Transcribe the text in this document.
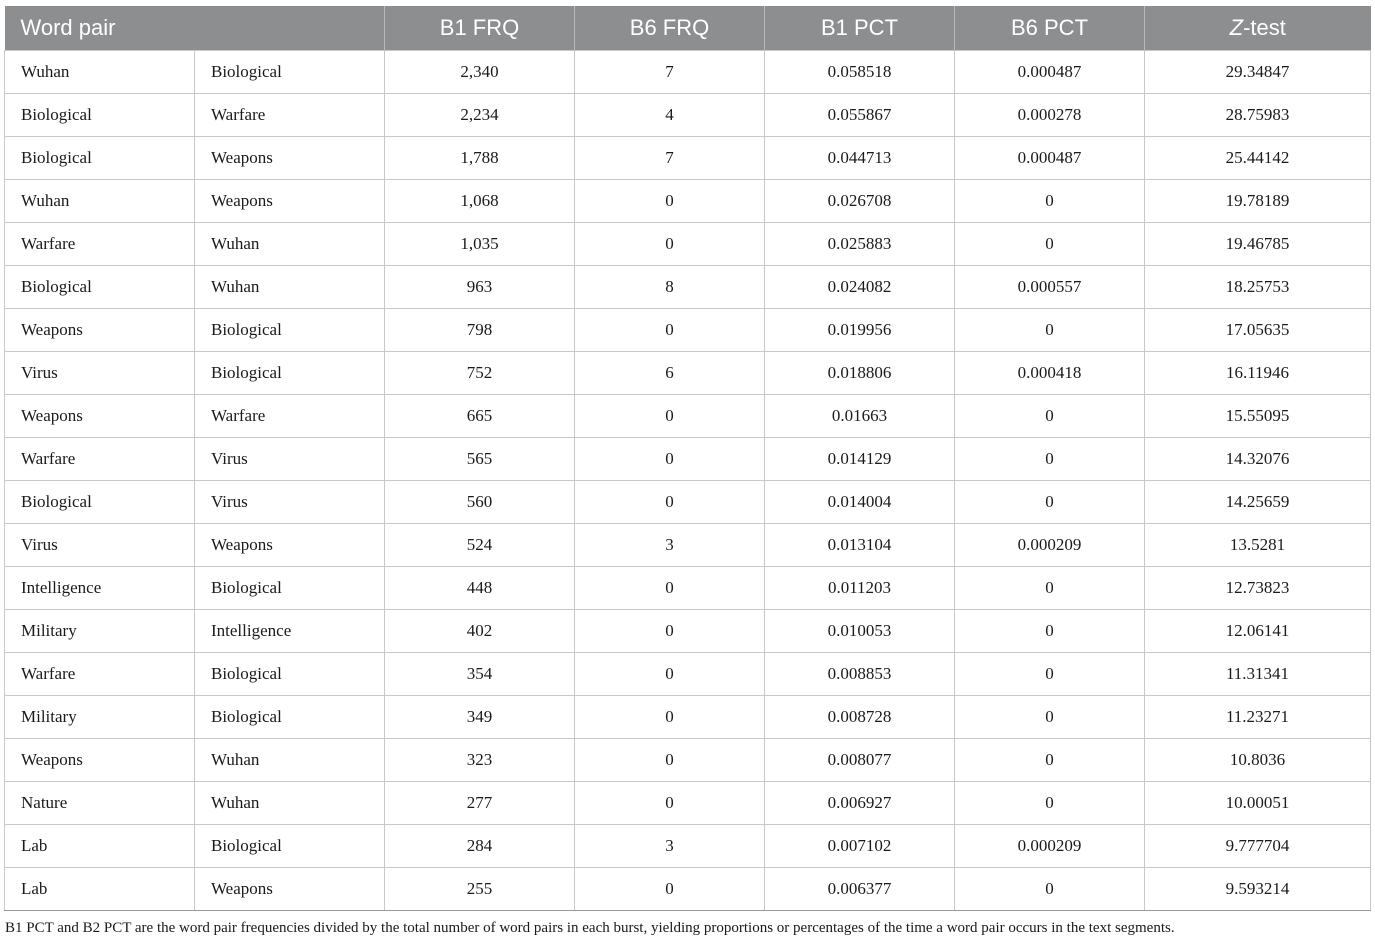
Word pair		B1 FRQ	B6 FRQ	B1 PCT	B6 PCT	Z-test
Wuhan	Biological	2,340	7	0.058518	0.000487	29.34847
Biological	Warfare	2,234	4	0.055867	0.000278	28.75983
Biological	Weapons	1,788	7	0.044713	0.000487	25.44142
Wuhan	Weapons	1,068	0	0.026708	0	19.78189
Warfare	Wuhan	1,035	0	0.025883	0	19.46785
Biological	Wuhan	963	8	0.024082	0.000557	18.25753
Weapons	Biological	798	0	0.019956	0	17.05635
Virus	Biological	752	6	0.018806	0.000418	16.11946
Weapons	Warfare	665	0	0.01663	0	15.55095
Warfare	Virus	565	0	0.014129	0	14.32076
Biological	Virus	560	0	0.014004	0	14.25659
Virus	Weapons	524	3	0.013104	0.000209	13.5281
Intelligence	Biological	448	0	0.011203	0	12.73823
Military	Intelligence	402	0	0.010053	0	12.06141
Warfare	Biological	354	0	0.008853	0	11.31341
Military	Biological	349	0	0.008728	0	11.23271
Weapons	Wuhan	323	0	0.008077	0	10.8036
Nature	Wuhan	277	0	0.006927	0	10.00051
Lab	Biological	284	3	0.007102	0.000209	9.777704
Lab	Weapons	255	0	0.006377	0	9.593214
B1 PCT and B2 PCT are the word pair frequencies divided by the total number of word pairs in each burst, yielding proportions or percentages of the time a word pair occurs in the text segments.
